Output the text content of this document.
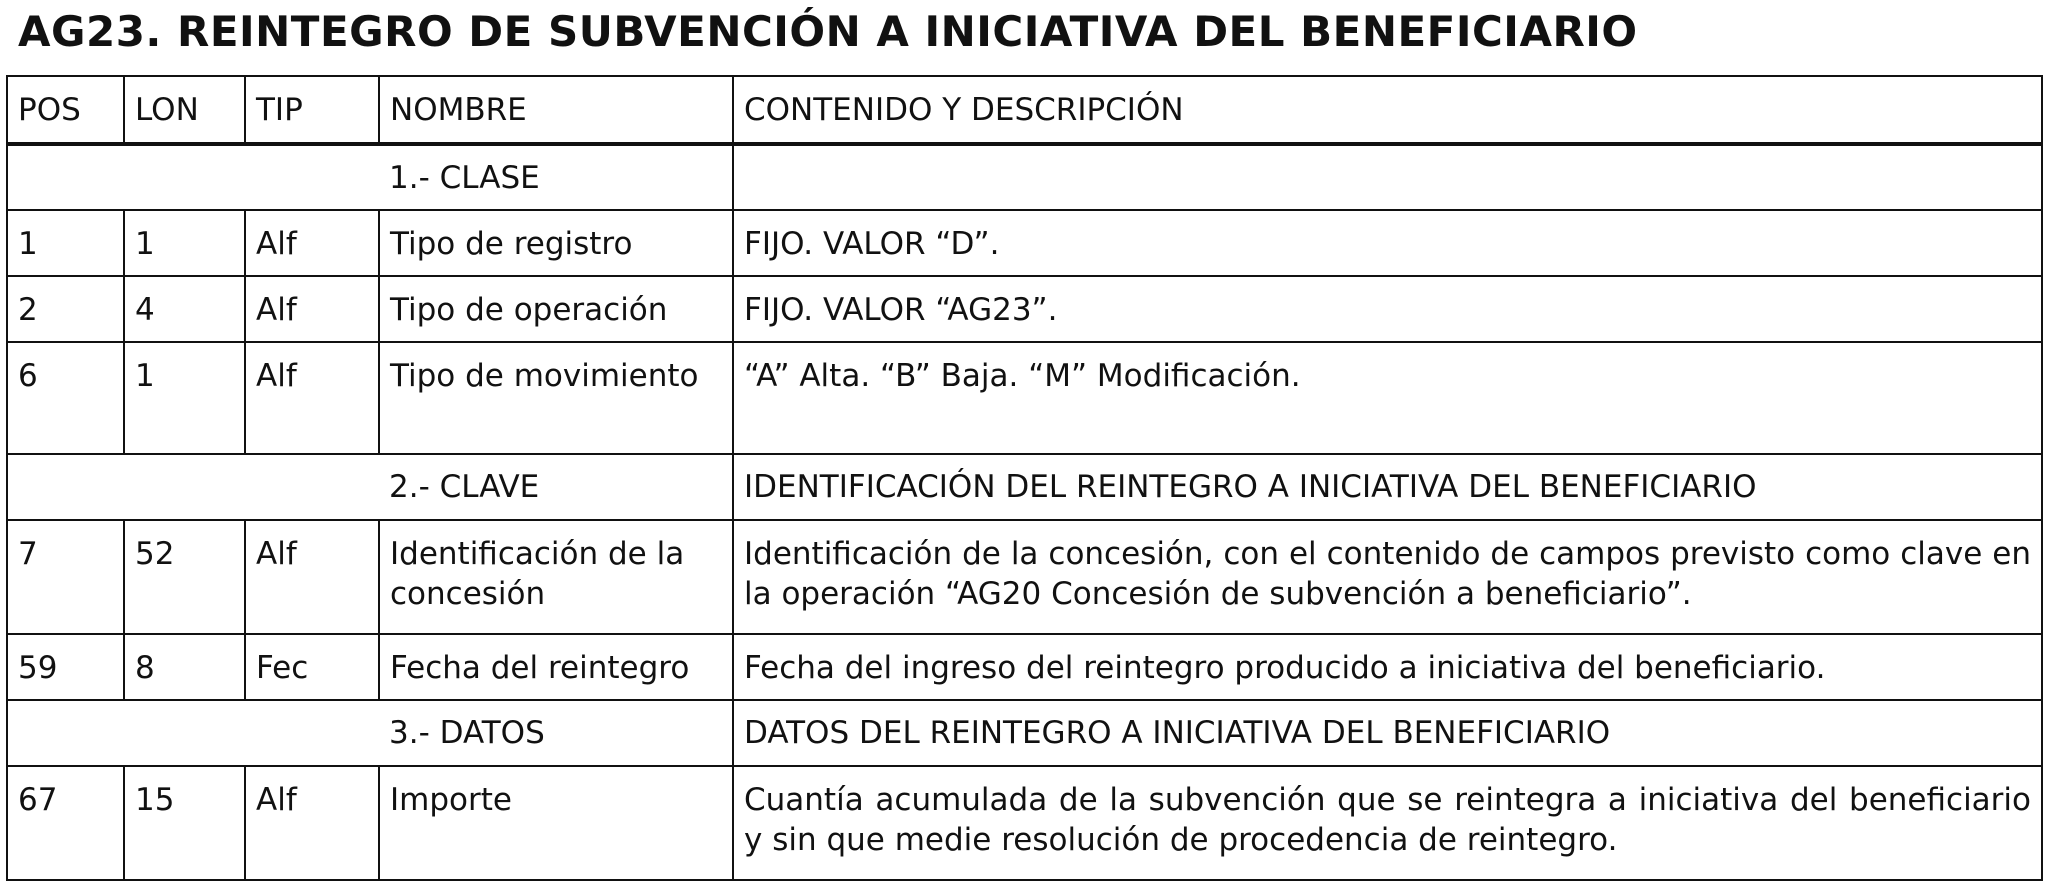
AG23. REINTEGRO DE SUBVENCIÓN A INICIATIVA DEL BENEFICIARIO
POS	LON	TIP	NOMBRE	CONTENIDO Y DESCRIPCIÓN
			1.- CLASE	
1	1	Alf	Tipo de registro	FIJO. VALOR “D”.
2	4	Alf	Tipo de operación	FIJO. VALOR “AG23”.
6	1	Alf	Tipo de movimiento	“A” Alta. “B” Baja. “M” Modificación.
			2.- CLAVE	IDENTIFICACIÓN DEL REINTEGRO A INICIATIVA DEL BENEFICIARIO
7	52	Alf	Identificación de la concesión	Identificación de la concesión, con el contenido de campos previsto como clave en la operación “AG20 Concesión de subvención a beneficiario”.
59	8	Fec	Fecha del reintegro	Fecha del ingreso del reintegro producido a iniciativa del beneficiario.
			3.- DATOS	DATOS DEL REINTEGRO A INICIATIVA DEL BENEFICIARIO
67	15	Alf	Importe	Cuantía acumulada de la subvención que se reintegra a iniciativa del beneficiario y sin que medie resolución de procedencia de reintegro.
